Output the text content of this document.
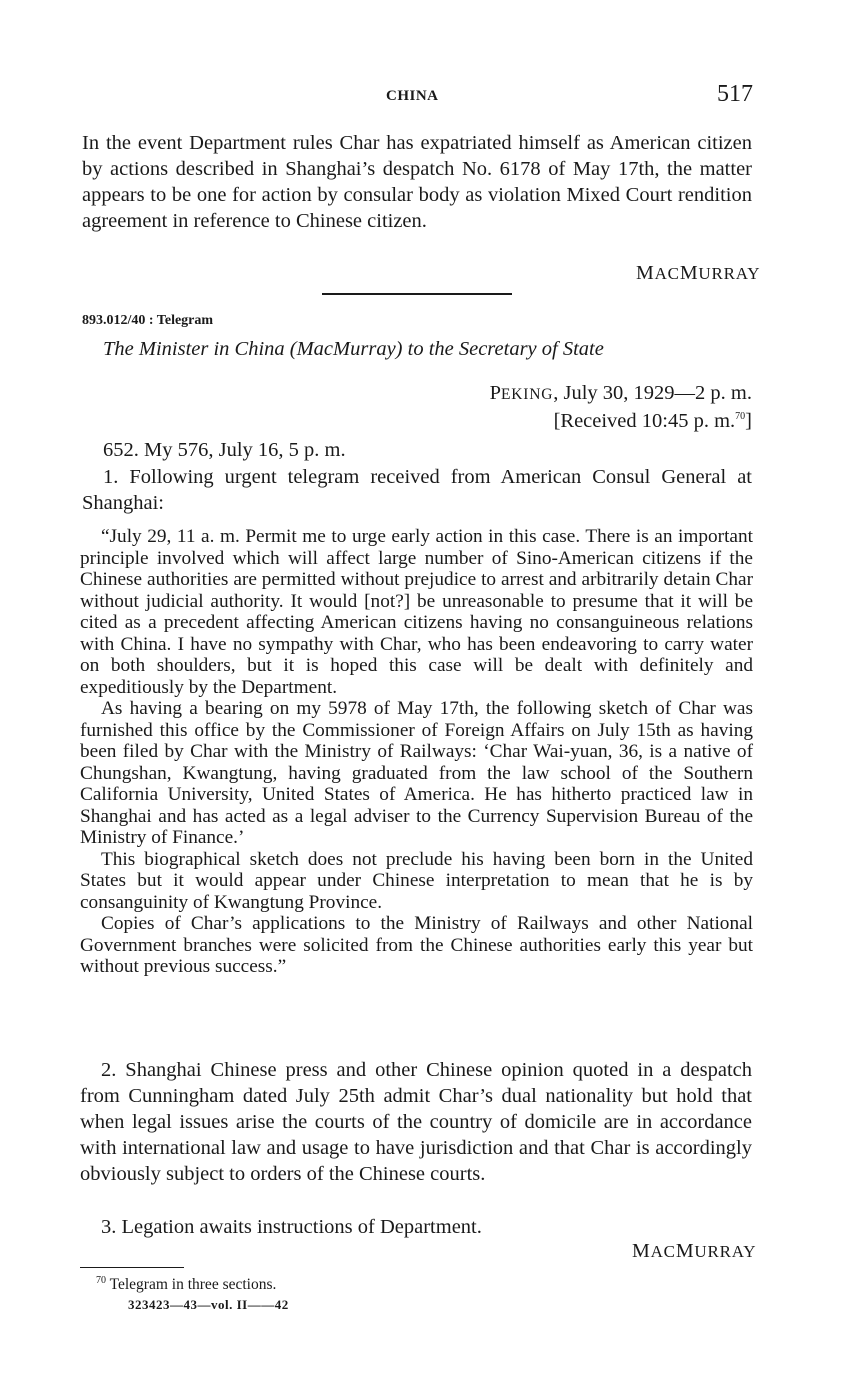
CHINA	517
In the event Department rules Char has expatriated himself as American citizen by actions described in Shanghai’s despatch No. 6178 of May 17th, the matter appears to be one for action by consular body as violation Mixed Court rendition agreement in reference to Chinese citizen.
MACMURRAY
893.012/40 : Telegram
The Minister in China (MacMurray) to the Secretary of State
PEKING, July 30, 1929—2 p. m.
[Received 10:45 p. m.$^{70}$]
652. My 576, July 16, 5 p. m.
1. Following urgent telegram received from American Consul General at Shanghai:
“July 29, 11 a. m. Permit me to urge early action in this case. There is an important principle involved which will affect large number of Sino-American citizens if the Chinese authorities are permitted without prejudice to arrest and arbitrarily detain Char without judicial authority. It would [not?] be unreasonable to presume that it will be cited as a precedent affecting American citizens having no consanguineous relations with China. I have no sympathy with Char, who has been endeavoring to carry water on both shoulders, but it is hoped this case will be dealt with definitely and expeditiously by the Department.
As having a bearing on my 5978 of May 17th, the following sketch of Char was furnished this office by the Commissioner of Foreign Affairs on July 15th as having been filed by Char with the Ministry of Railways: ‘Char Wai-yuan, 36, is a native of Chungshan, Kwangtung, having graduated from the law school of the Southern California University, United States of America. He has hitherto practiced law in Shanghai and has acted as a legal adviser to the Currency Supervision Bureau of the Ministry of Finance.’
This biographical sketch does not preclude his having been born in the United States but it would appear under Chinese interpretation to mean that he is by consanguinity of Kwangtung Province.
Copies of Char’s applications to the Ministry of Railways and other National Government branches were solicited from the Chinese authorities early this year but without previous success.”
2. Shanghai Chinese press and other Chinese opinion quoted in a despatch from Cunningham dated July 25th admit Char’s dual nationality but hold that when legal issues arise the courts of the country of domicile are in accordance with international law and usage to have jurisdiction and that Char is accordingly obviously subject to orders of the Chinese courts.
3. Legation awaits instructions of Department.
MACMURRAY
$^{70}$ Telegram in three sections.
323423—43—vol. II——42
